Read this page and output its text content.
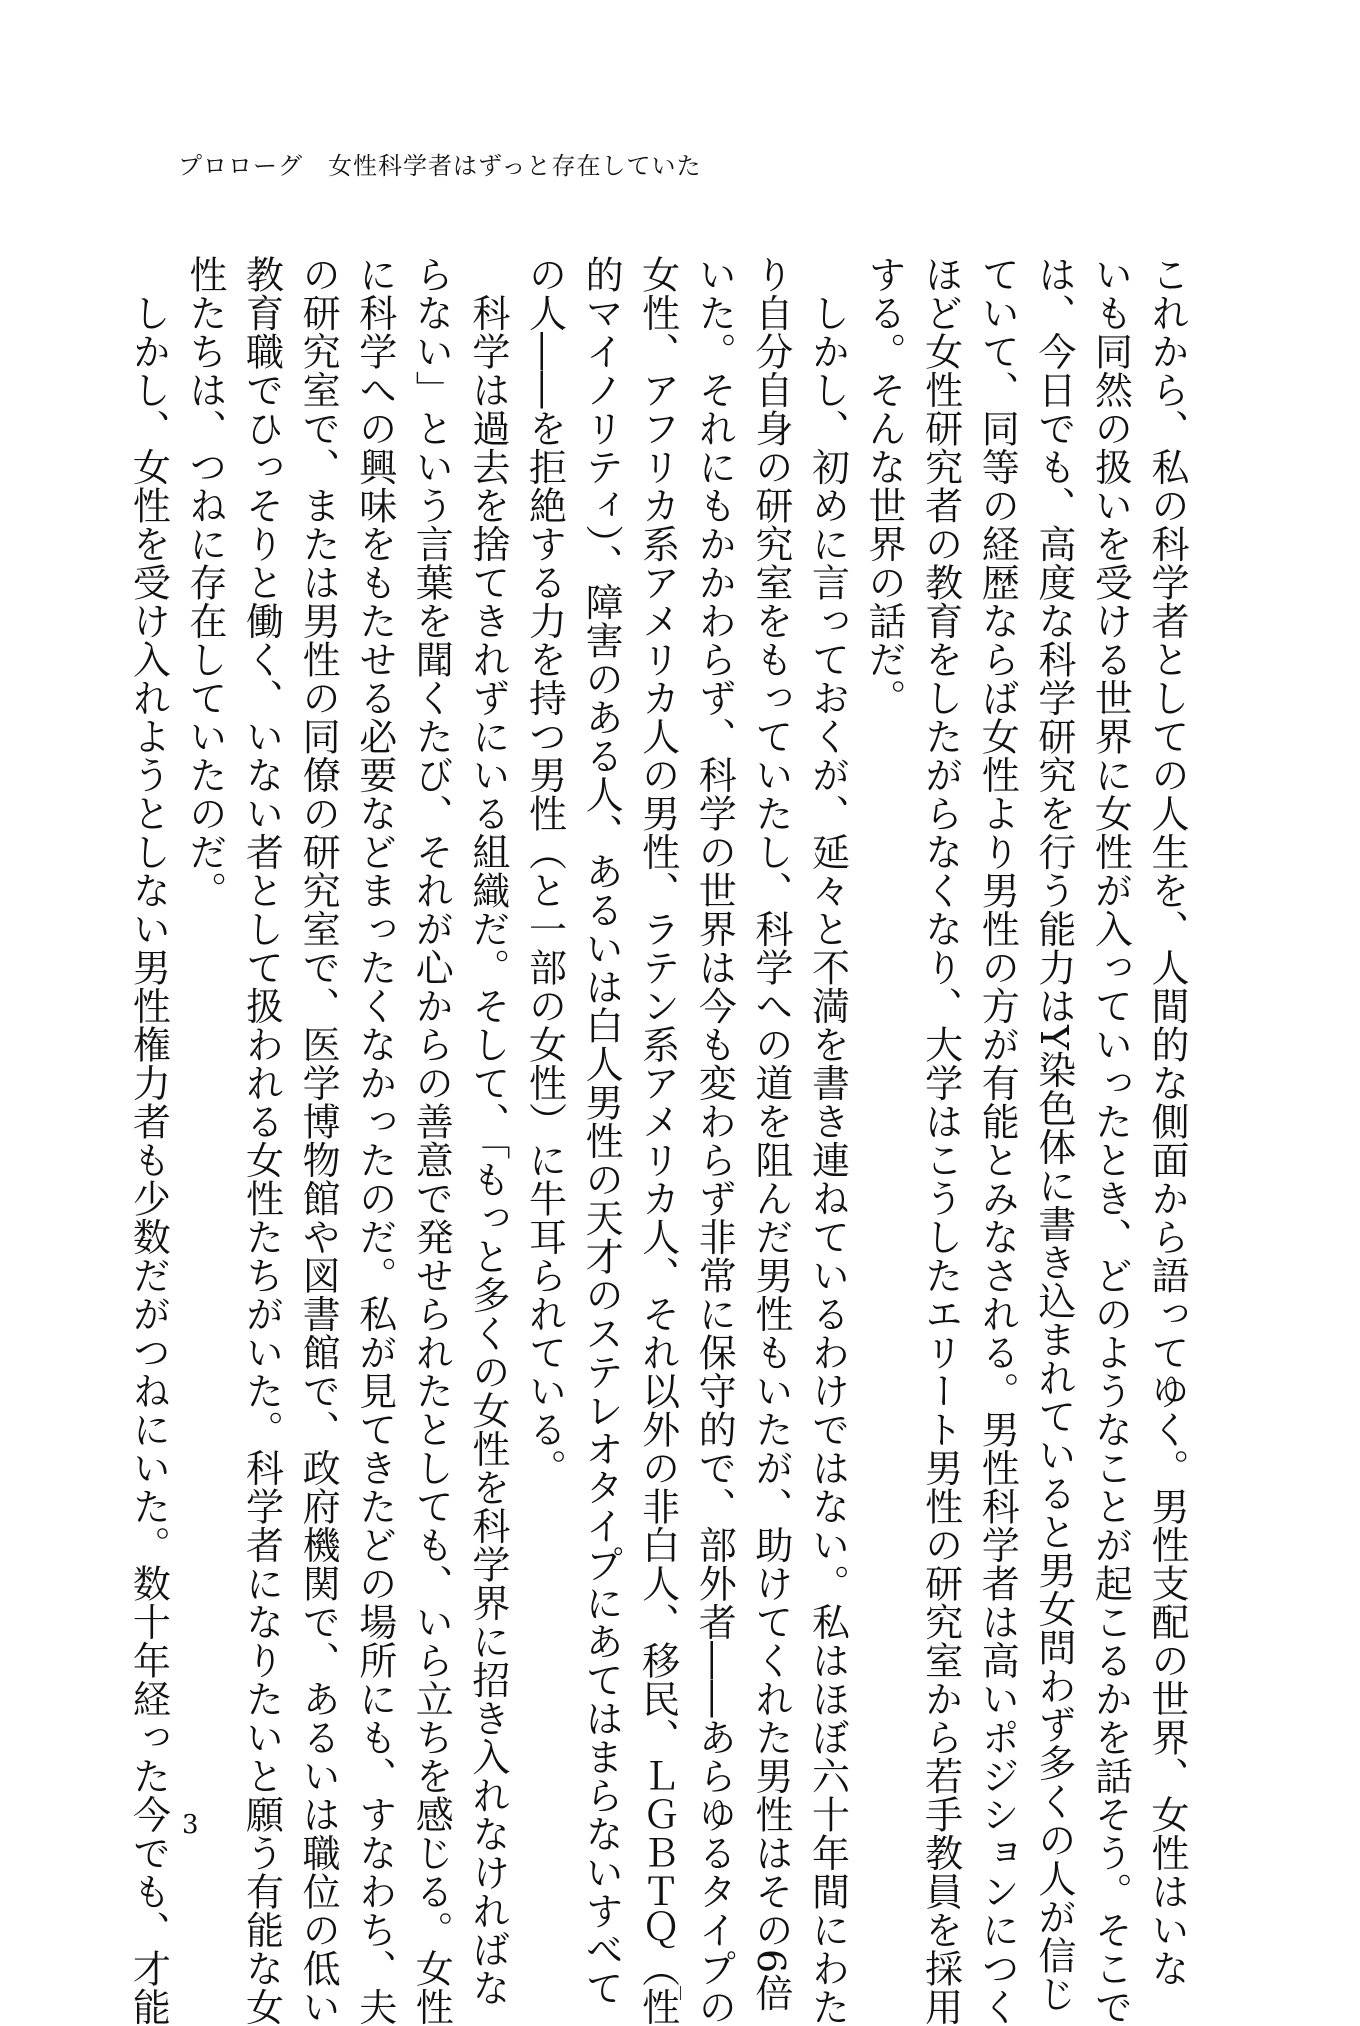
プロローグ　女性科学者はずっと存在していた

これから、私の科学者としての人生を、人間的な側面から語ってゆく。男性支配の世界、女性はいな

いも同然の扱いを受ける世界に女性が入っていったとき、どのようなことが起こるかを話そう。そこで

は、今日でも、高度な科学研究を行う能力はY染色体に書き込まれていると男女問わず多くの人が信じ

ていて、同等の経歴ならば女性より男性の方が有能とみなされる。男性科学者は高いポジションにつく

ほど女性研究者の教育をしたがらなくなり、大学はこうしたエリート男性の研究室から若手教員を採用

する。そんな世界の話だ。

　しかし、初めに言っておくが、延々と不満を書き連ねているわけではない。私はほぼ六十年間にわた

り自分自身の研究室をもっていたし、科学への道を阻んだ男性もいたが、助けてくれた男性はその6倍

いた。それにもかかわらず、科学の世界は今も変わらず非常に保守的で、部外者――あらゆるタイプの

女性、アフリカ系アメリカ人の男性、ラテン系アメリカ人、それ以外の非白人、移民、ＬＧＢＴＱ（性

的マイノリティ）、障害のある人、あるいは白人男性の天才のステレオタイプにあてはまらないすべて

の人――を拒絶する力を持つ男性（と一部の女性）に牛耳られている。

　科学は過去を捨てきれずにいる組織だ。そして、「もっと多くの女性を科学界に招き入れなければな

らない」という言葉を聞くたび、それが心からの善意で発せられたとしても、いら立ちを感じる。女性

に科学への興味をもたせる必要などまったくなかったのだ。私が見てきたどの場所にも、すなわち、夫

の研究室で、または男性の同僚の研究室で、医学博物館や図書館で、政府機関で、あるいは職位の低い

教育職でひっそりと働く、いない者として扱われる女性たちがいた。科学者になりたいと願う有能な女

性たちは、つねに存在していたのだ。

　しかし、女性を受け入れようとしない男性権力者も少数だがつねにいた。数十年経った今でも、才能 3
